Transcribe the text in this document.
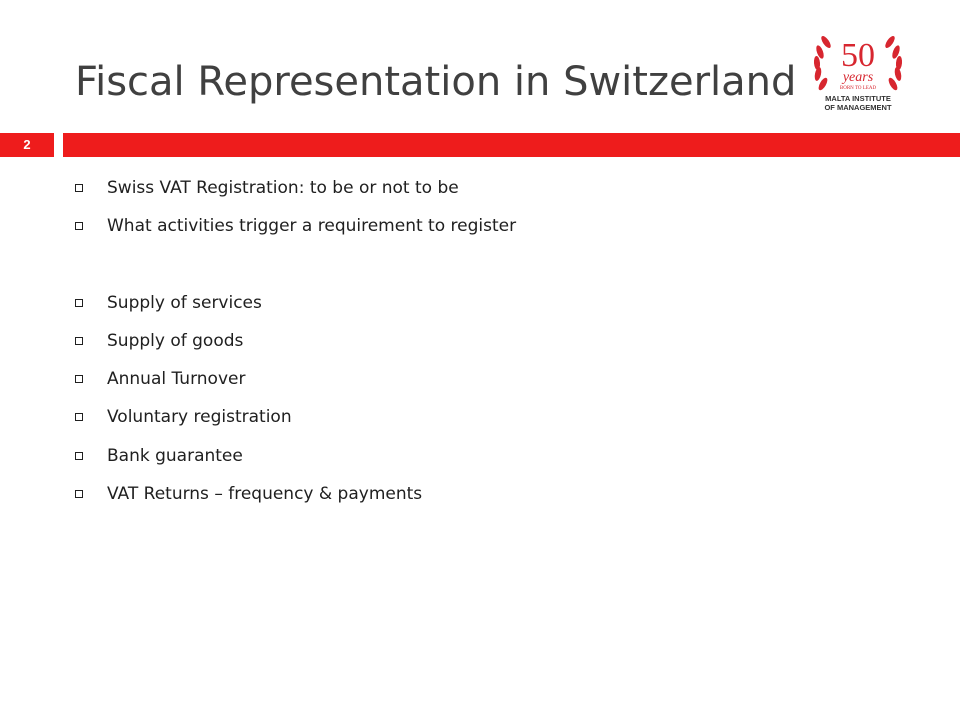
Fiscal Representation in Switzerland
50
years
BORN TO LEAD
MALTA INSTITUTE
OF MANAGEMENT
2
Swiss VAT Registration: to be or not to be
What activities trigger a requirement to register
Supply of services
Supply of goods
Annual Turnover
Voluntary registration
Bank guarantee
VAT Returns – frequency & payments
